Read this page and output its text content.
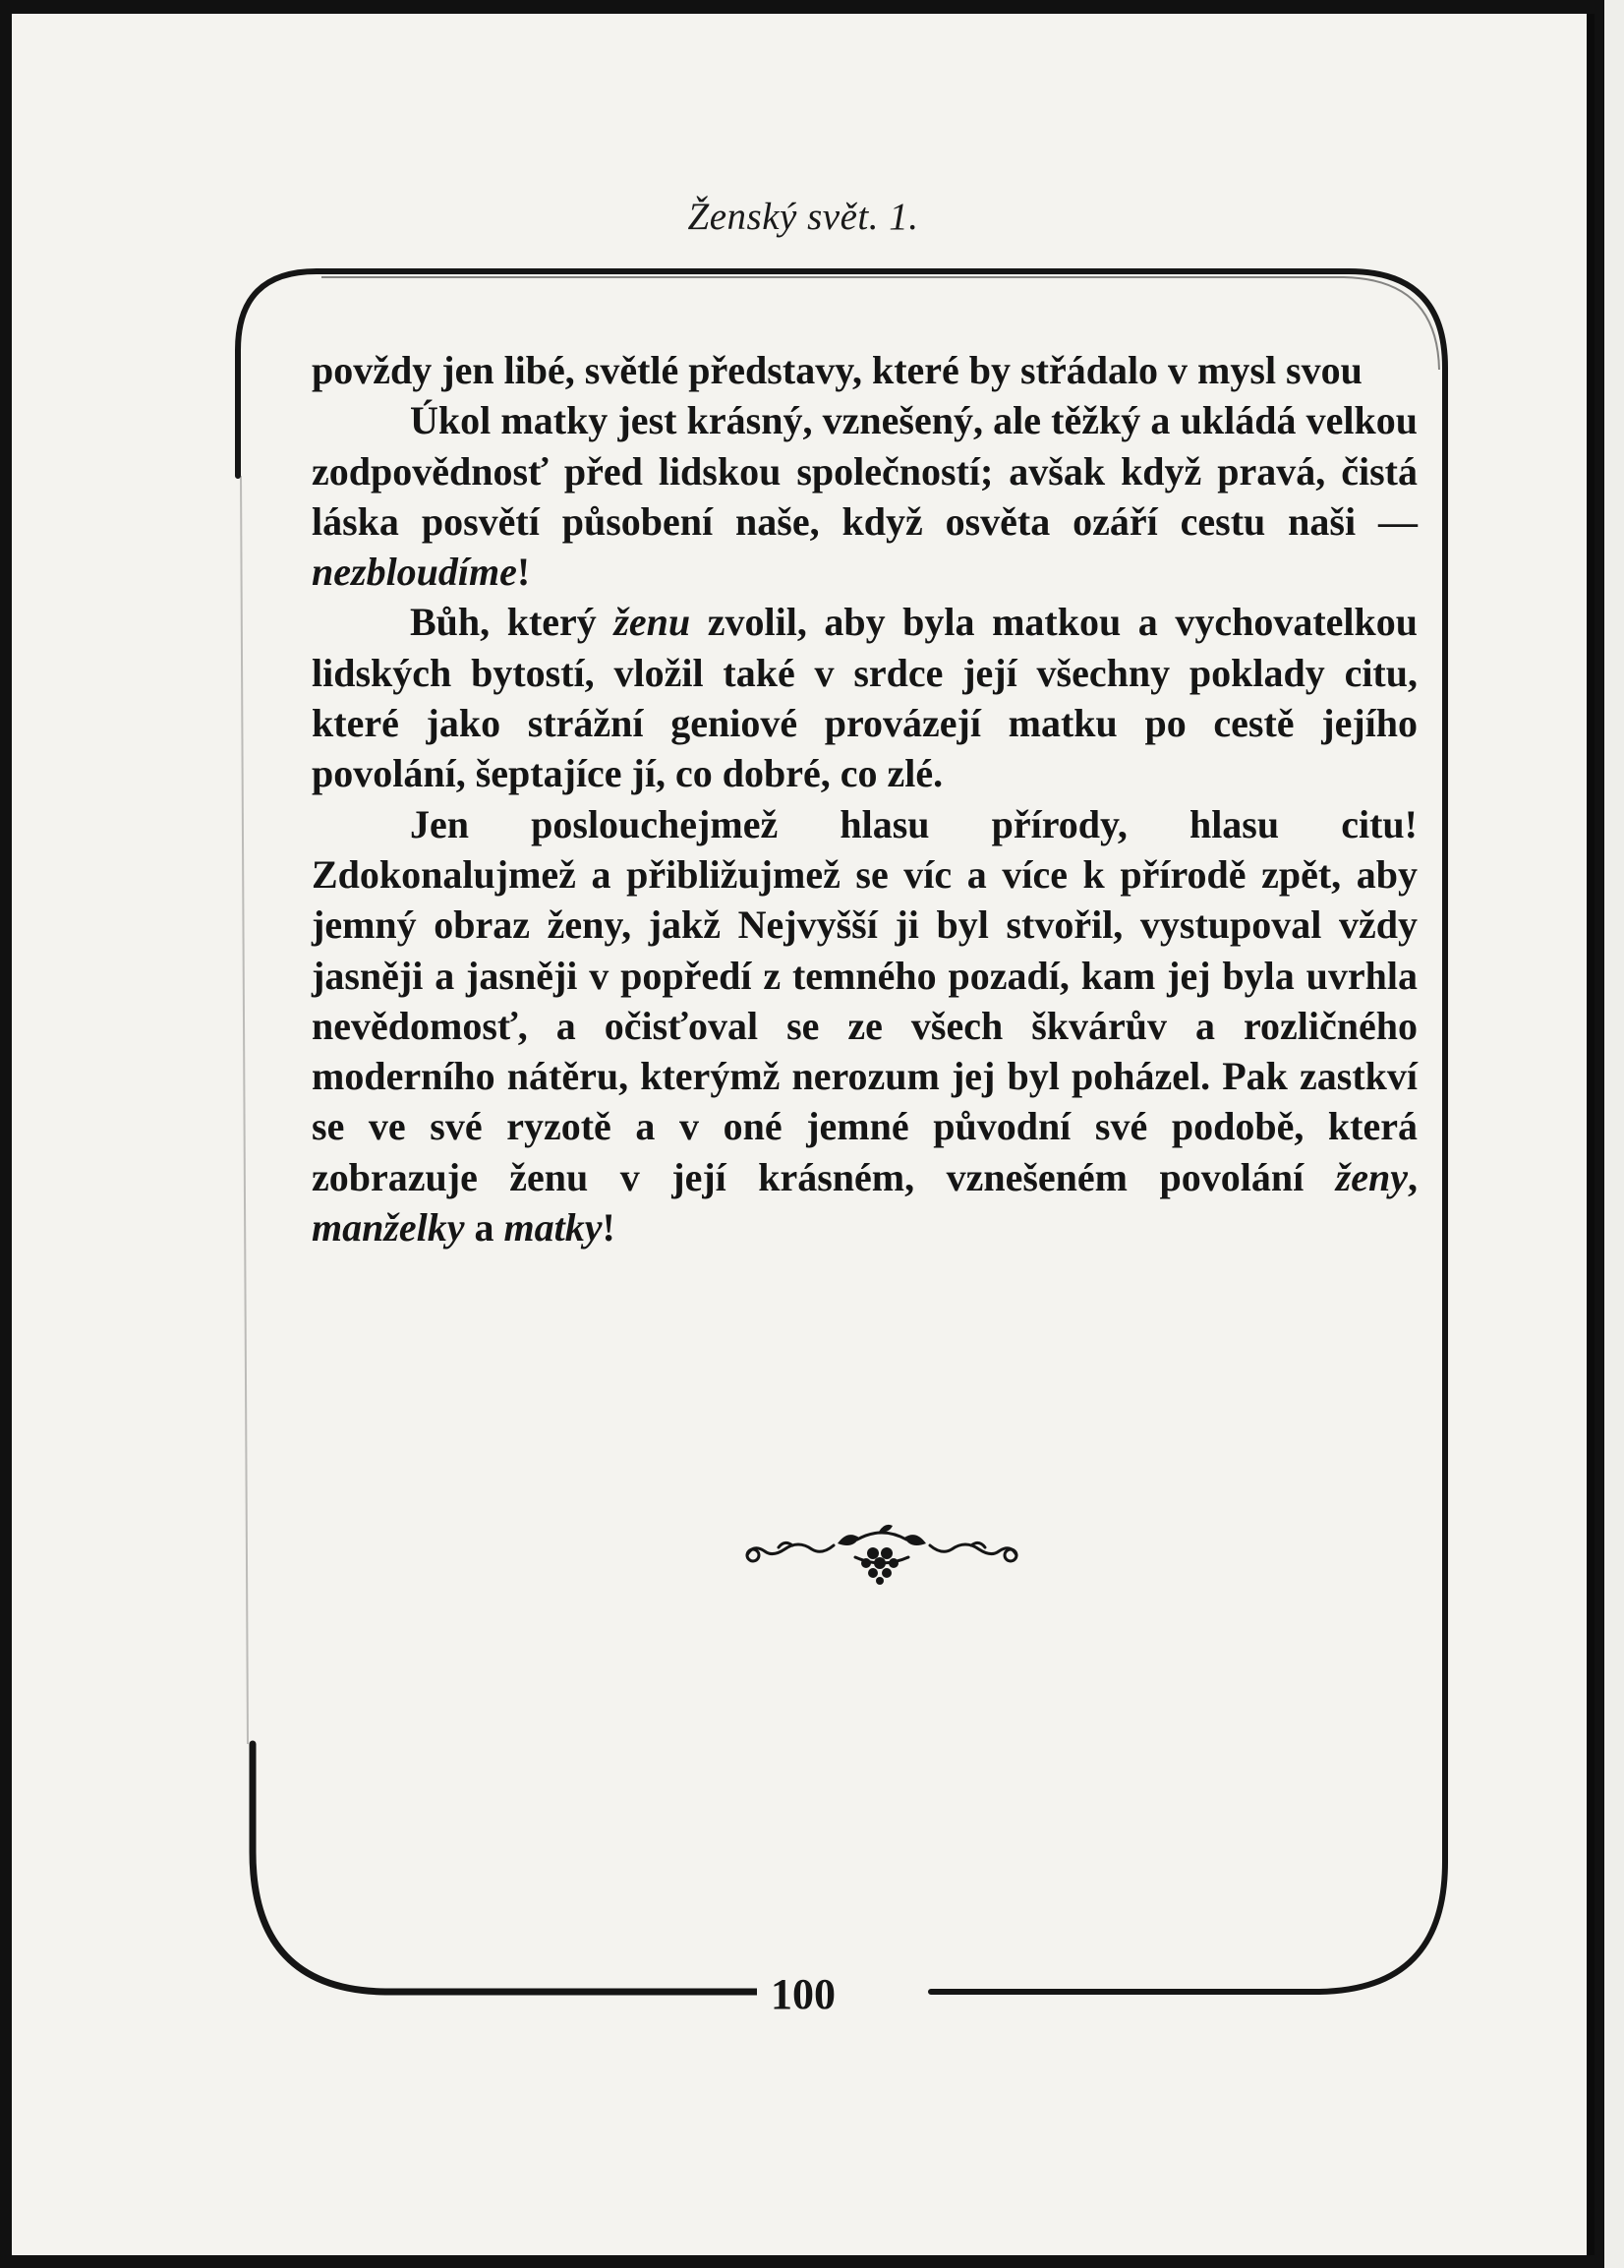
Ženský svět. 1.

povždy jen libé, světlé představy, které by střádalo v mysl svou

Úkol matky jest krásný, vznešený, ale těžký a ukládá velkou zodpovědnosť před lidskou společností; avšak když pravá, čistá láska posvětí působení naše, když osvěta ozáří cestu naši — nezbloudíme!

Bůh, který ženu zvolil, aby byla matkou a vychovatelkou lidských bytostí, vložil také v srdce její všechny poklady citu, které jako strážní geniové provázejí matku po cestě jejího povolání, šeptajíce jí, co dobré, co zlé.

Jen poslouchejmež hlasu přírody, hlasu citu! Zdokonalujmež a přibližujmež se víc a více k přírodě zpět, aby jemný obraz ženy, jakž Nejvyšší ji byl stvořil, vystupoval vždy jasněji a jasněji v popředí z temného pozadí, kam jej byla uvrhla nevědomosť, a očisťoval se ze všech škvárův a rozličného moderního nátěru, kterýmž nerozum jej byl poházel. Pak zastkví se ve své ryzotě a v oné jemné původní své podobě, která zobrazuje ženu v její krásném, vznešeném povolání ženy, manželky a matky!

100
